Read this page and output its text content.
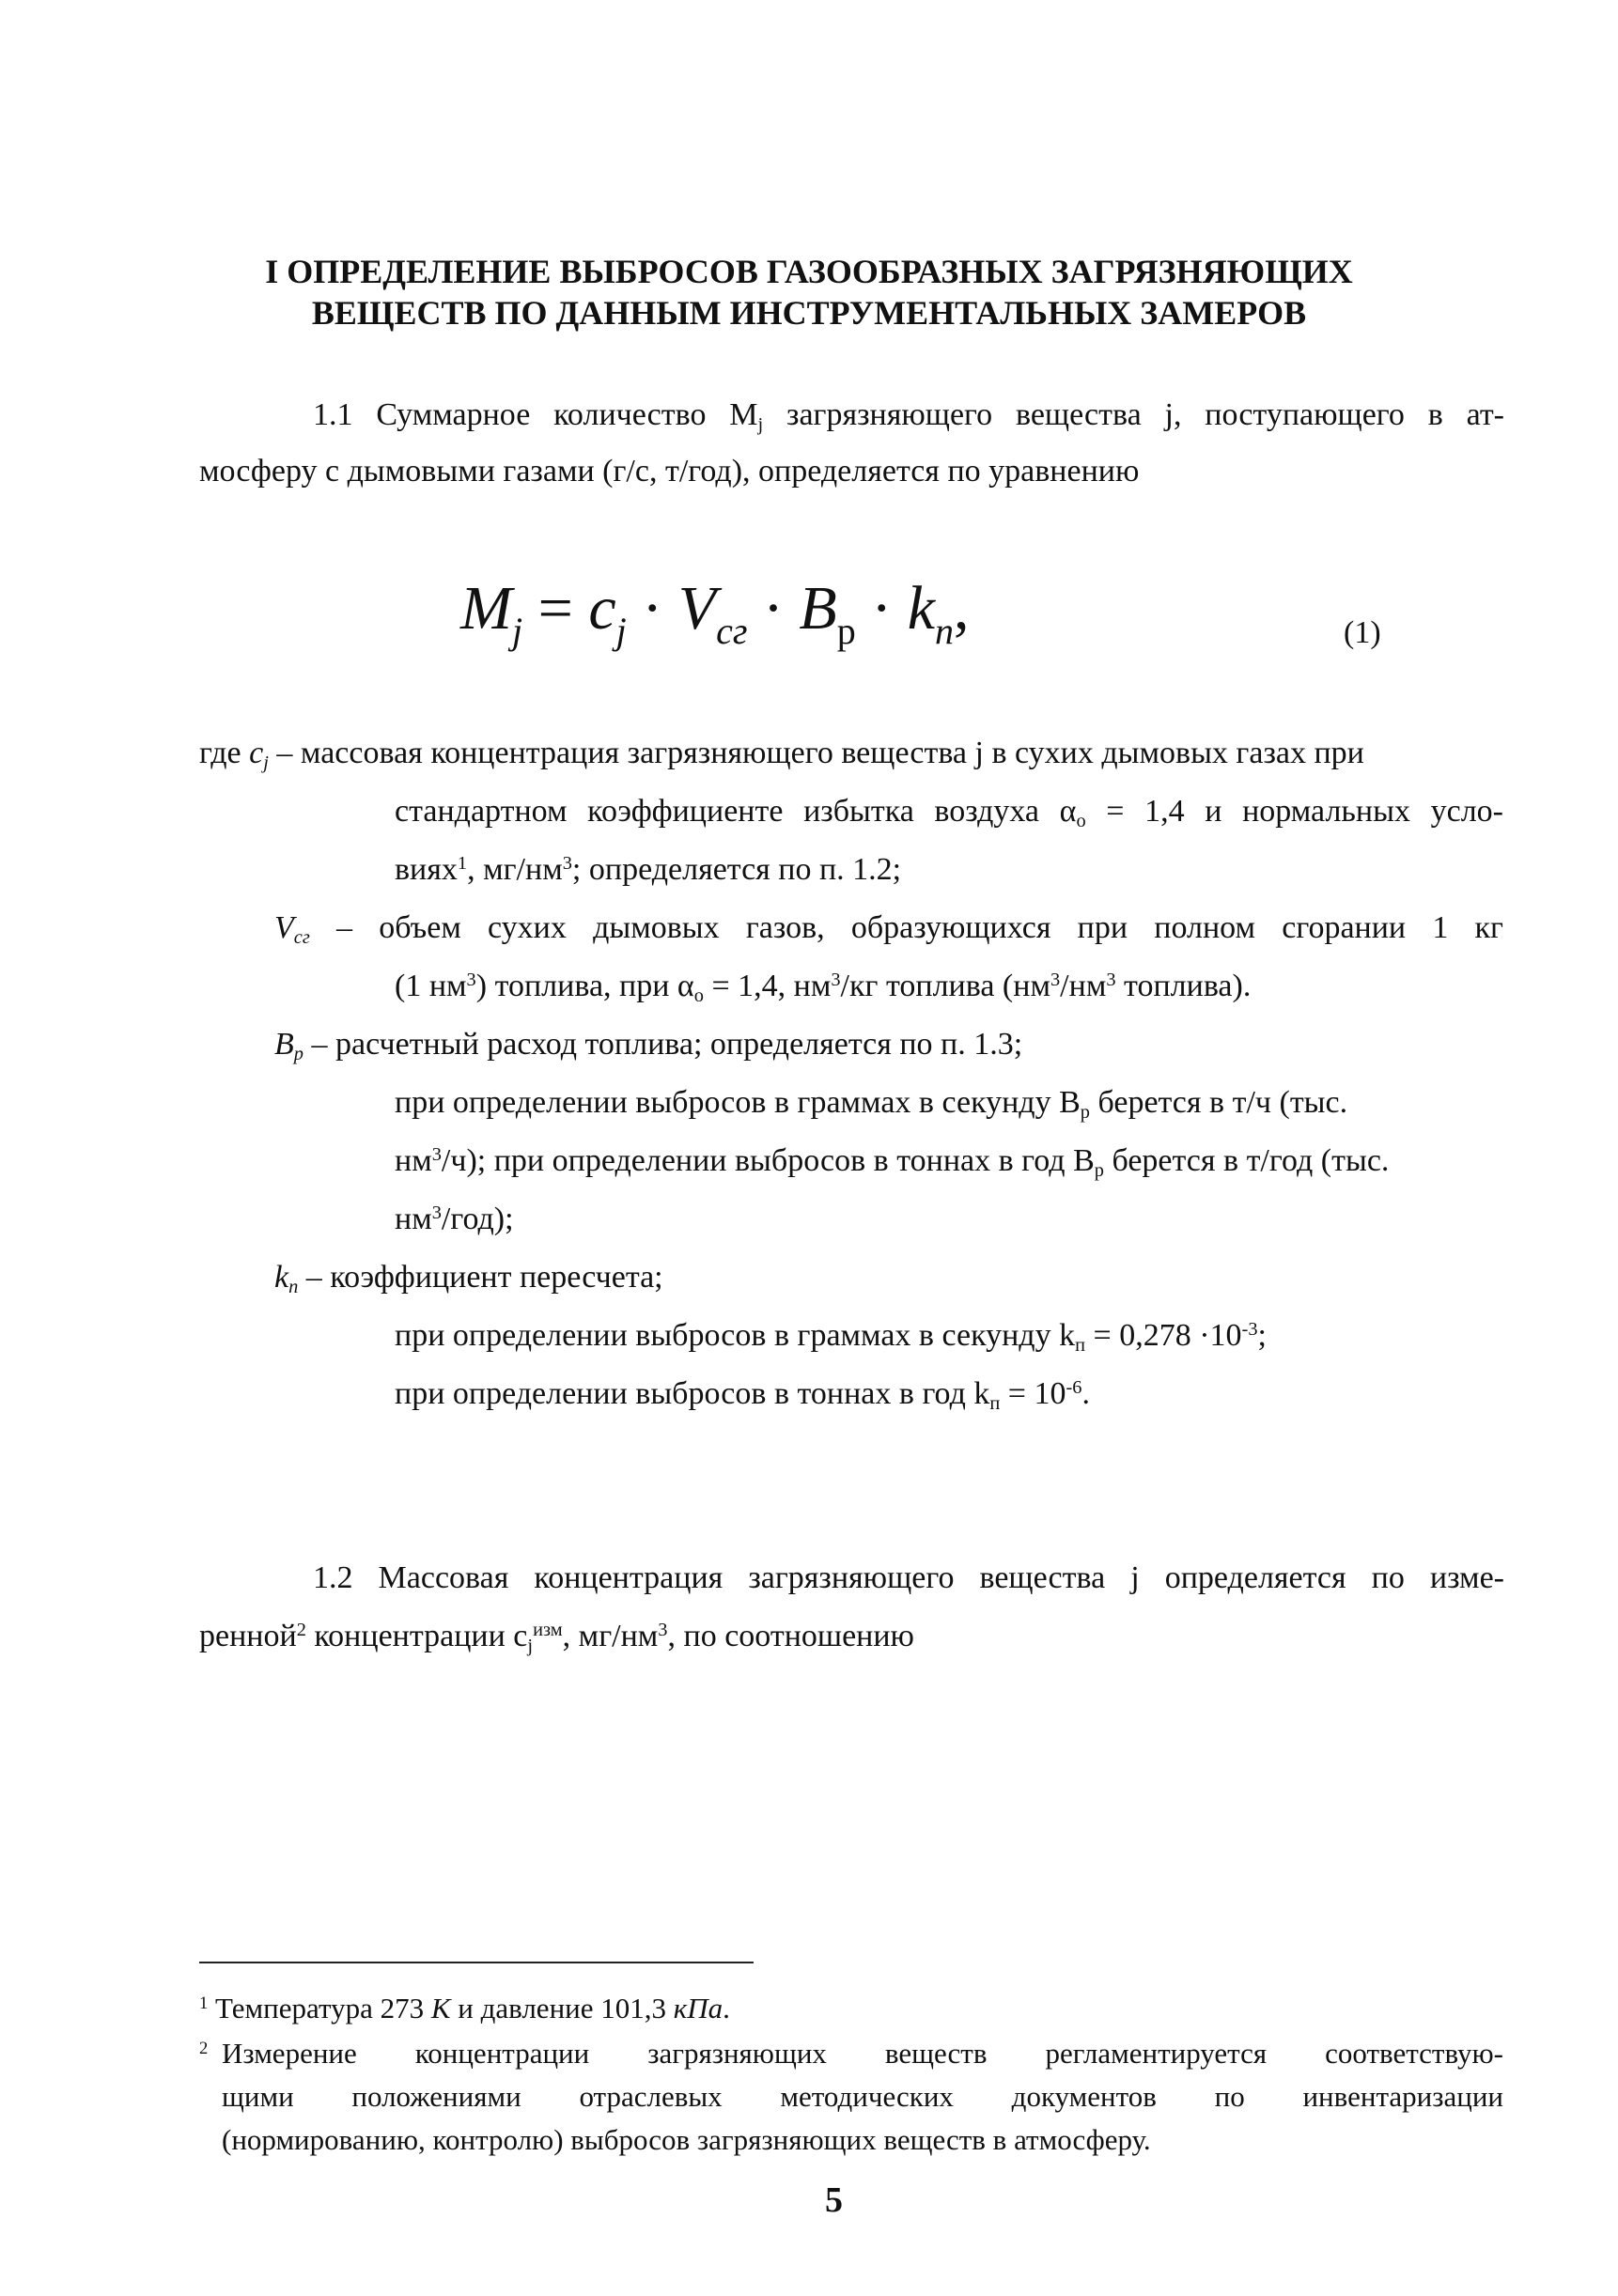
I ОПРЕДЕЛЕНИЕ ВЫБРОСОВ ГАЗООБРАЗНЫХ ЗАГРЯЗНЯЮЩИХ
ВЕЩЕСТВ ПО ДАННЫМ ИНСТРУМЕНТАЛЬНЫХ ЗАМЕРОВ
1.1 Суммарное количество $M_j$ загрязняющего вещества j, поступающего в ат-
мосферу с дымовыми газами (г/с, т/год), определяется по уравнению
$M_j = c_j \cdot V_{сг} \cdot B_р \cdot k_п$,	(1)
где $c_j$ – массовая концентрация загрязняющего вещества j в сухих дымовых газах при
стандартном коэффициенте избытка воздуха $\alpha_о = 1,4$ и нормальных усло-
виях$^1$, $мг/нм^3$; определяется по п. 1.2;
$V_{сг}$ – объем сухих дымовых газов, образующихся при полном сгорании 1 кг
(1 $нм^3$) топлива, при $\alpha_о = 1,4$, $нм^3/кг$ топлива ($нм^3/нм^3$ топлива).
$B_p$ – расчетный расход топлива; определяется по п. 1.3;
при определении выбросов в граммах в секунду $B_р$ берется в т/ч (тыс.
$нм^3/ч$); при определении выбросов в тоннах в год $B_р$ берется в т/год (тыс.
$нм^3/год$);
$k_п$ – коэффициент пересчета;
при определении выбросов в граммах в секунду $k_п = 0,278 \cdot 10^{-3}$;
при определении выбросов в тоннах в год $k_п = 10^{-6}$.
1.2 Массовая концентрация загрязняющего вещества j определяется по изме-
ренной$^2$ концентрации $c_j^{изм}$, $мг/нм^3$, по соотношению
$^1$ Температура 273 К и давление 101,3 кПа.
$^2$ Измерение концентрации загрязняющих веществ регламентируется соответствую-
щими положениями отраслевых методических документов по инвентаризации
(нормированию, контролю) выбросов загрязняющих веществ в атмосферу.
5
